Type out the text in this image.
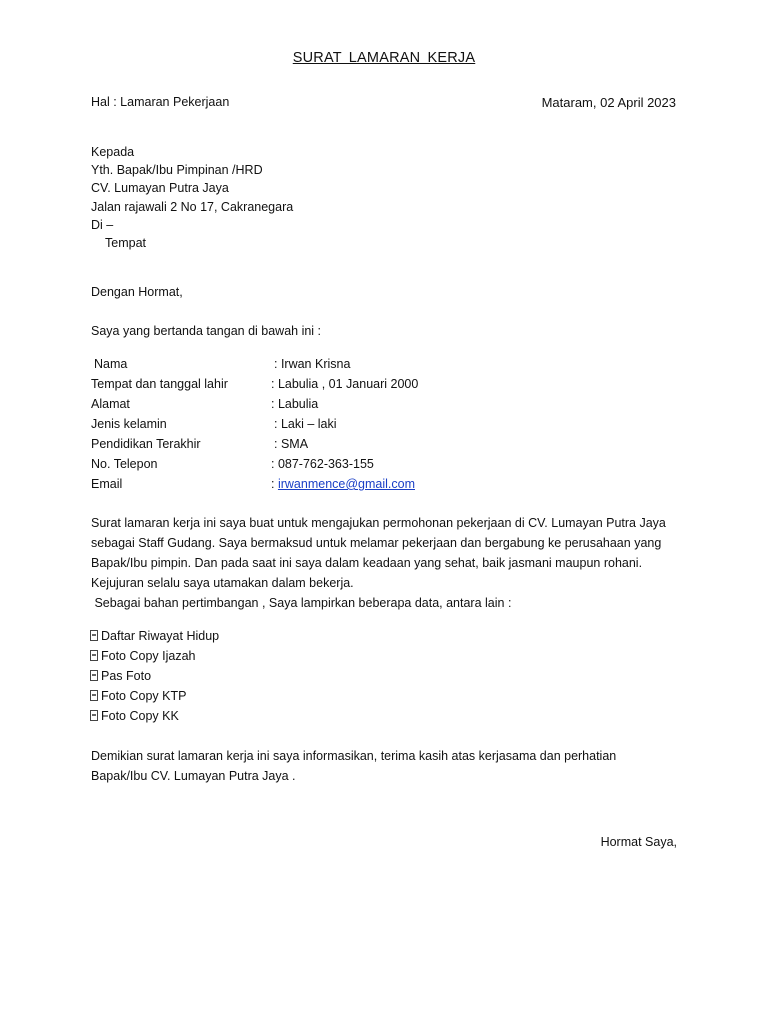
SURAT LAMARAN KERJA
Hal : Lamaran Pekerjaan	Mataram, 02 April 2023
Kepada
Yth. Bapak/Ibu Pimpinan /HRD
CV. Lumayan Putra Jaya
Jalan rajawali 2 No 17, Cakranegara
Di –
Tempat
Dengan Hormat,
Saya yang bertanda tangan di bawah ini :
Nama	: Irwan Krisna
Tempat dan tanggal lahir	: Labulia , 01 Januari 2000
Alamat	: Labulia
Jenis kelamin	: Laki – laki
Pendidikan Terakhir	: SMA
No. Telepon	: 087-762-363-155
Email	: irwanmence@gmail.com
Surat lamaran kerja ini saya buat untuk mengajukan permohonan pekerjaan di CV. Lumayan Putra Jaya
sebagai Staff Gudang. Saya bermaksud untuk melamar pekerjaan dan bergabung ke perusahaan yang
Bapak/Ibu pimpin. Dan pada saat ini saya dalam keadaan yang sehat, baik jasmani maupun rohani.
Kejujuran selalu saya utamakan dalam bekerja.
Sebagai bahan pertimbangan , Saya lampirkan beberapa data, antara lain :
Daftar Riwayat Hidup
Foto Copy Ijazah
Pas Foto
Foto Copy KTP
Foto Copy KK
Demikian surat lamaran kerja ini saya informasikan, terima kasih atas kerjasama dan perhatian
Bapak/Ibu CV. Lumayan Putra Jaya .
Hormat Saya,
